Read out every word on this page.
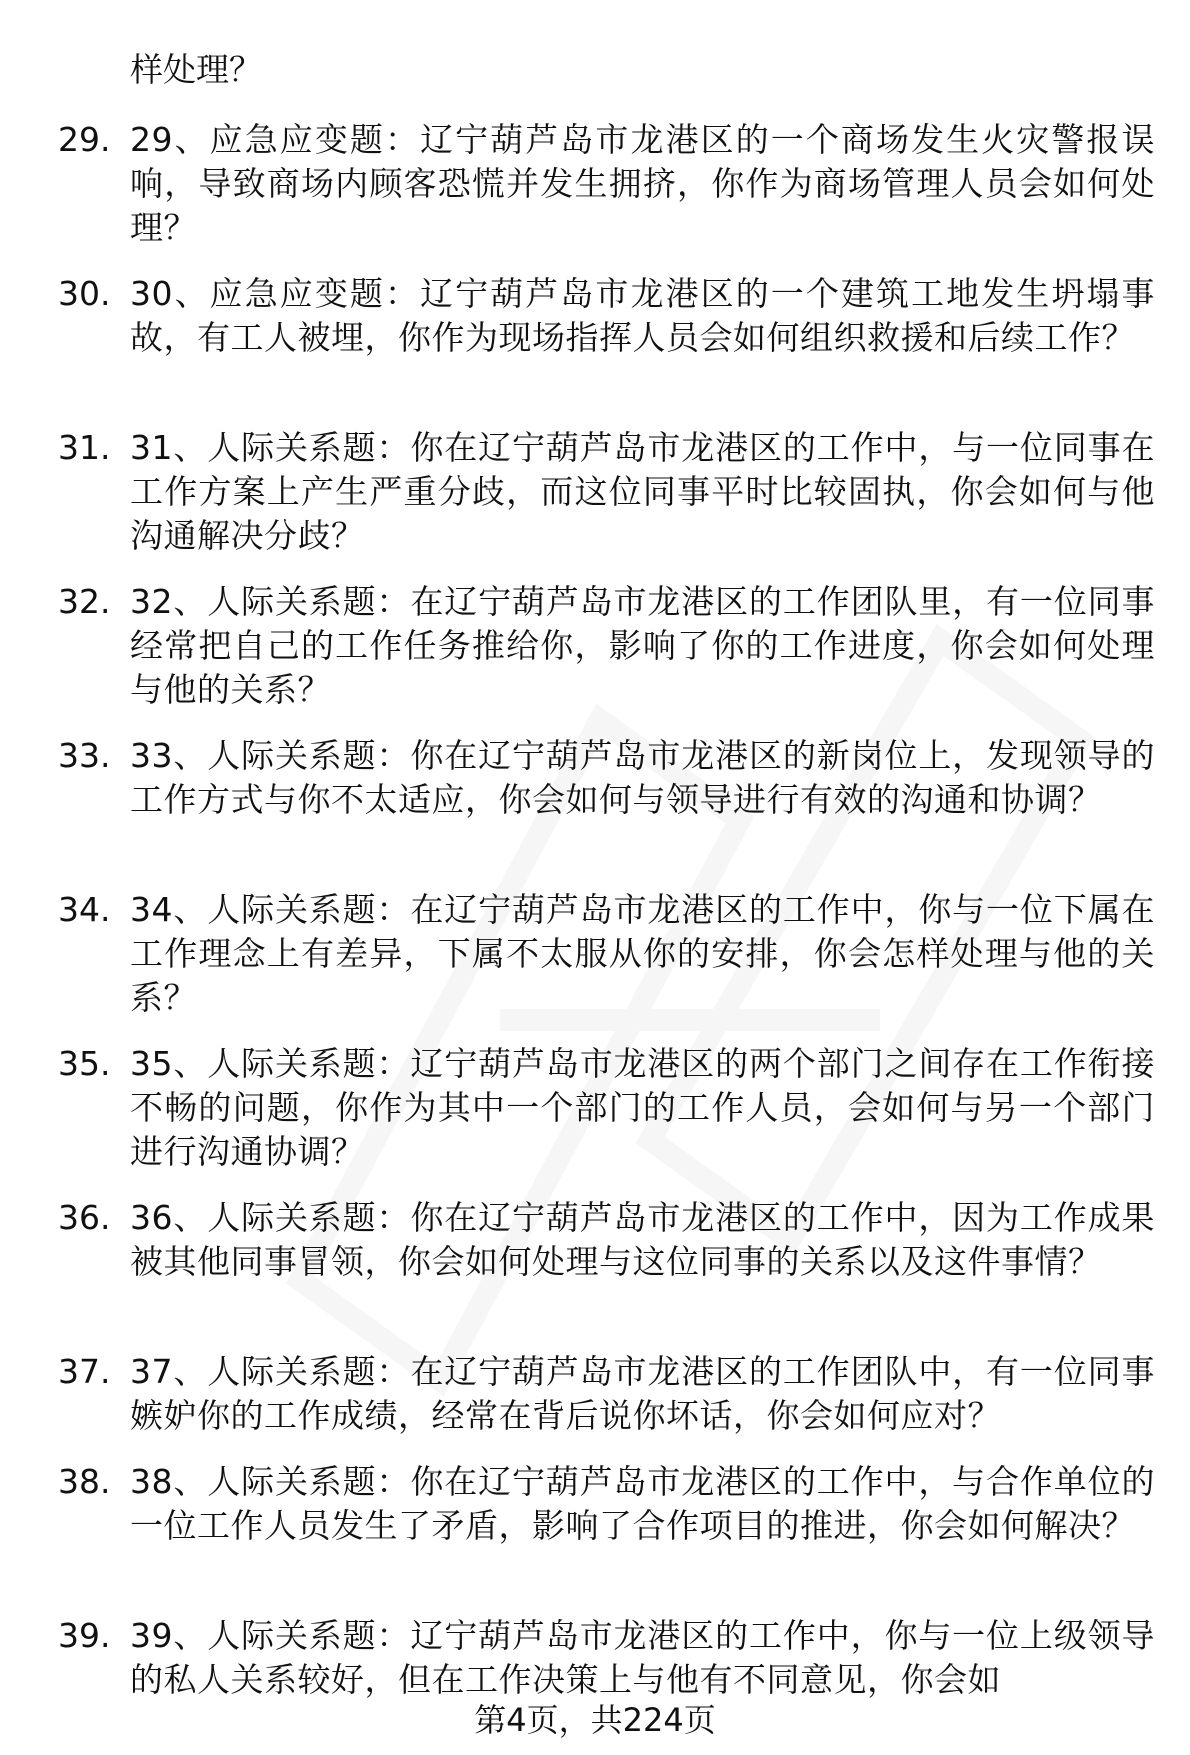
样处理？
29. 29、应急应变题：辽宁葫芦岛市龙港区的一个商场发生火灾警报误响，导致商场内顾客恐慌并发生拥挤，你作为商场管理人员会如何处理？
30. 30、应急应变题：辽宁葫芦岛市龙港区的一个建筑工地发生坍塌事故，有工人被埋，你作为现场指挥人员会如何组织救援和后续工作？
31. 31、人际关系题：你在辽宁葫芦岛市龙港区的工作中，与一位同事在工作方案上产生严重分歧，而这位同事平时比较固执，你会如何与他沟通解决分歧？
32. 32、人际关系题：在辽宁葫芦岛市龙港区的工作团队里，有一位同事经常把自己的工作任务推给你，影响了你的工作进度，你会如何处理与他的关系？
33. 33、人际关系题：你在辽宁葫芦岛市龙港区的新岗位上，发现领导的工作方式与你不太适应，你会如何与领导进行有效的沟通和协调？
34. 34、人际关系题：在辽宁葫芦岛市龙港区的工作中，你与一位下属在工作理念上有差异，下属不太服从你的安排，你会怎样处理与他的关系？
35. 35、人际关系题：辽宁葫芦岛市龙港区的两个部门之间存在工作衔接不畅的问题，你作为其中一个部门的工作人员，会如何与另一个部门进行沟通协调？
36. 36、人际关系题：你在辽宁葫芦岛市龙港区的工作中，因为工作成果被其他同事冒领，你会如何处理与这位同事的关系以及这件事情？
37. 37、人际关系题：在辽宁葫芦岛市龙港区的工作团队中，有一位同事嫉妒你的工作成绩，经常在背后说你坏话，你会如何应对？
38. 38、人际关系题：你在辽宁葫芦岛市龙港区的工作中，与合作单位的一位工作人员发生了矛盾，影响了合作项目的推进，你会如何解决？
39. 39、人际关系题：辽宁葫芦岛市龙港区的工作中，你与一位上级领导的私人关系较好，但在工作决策上与他有不同意见，你会如
第4页，共224页
